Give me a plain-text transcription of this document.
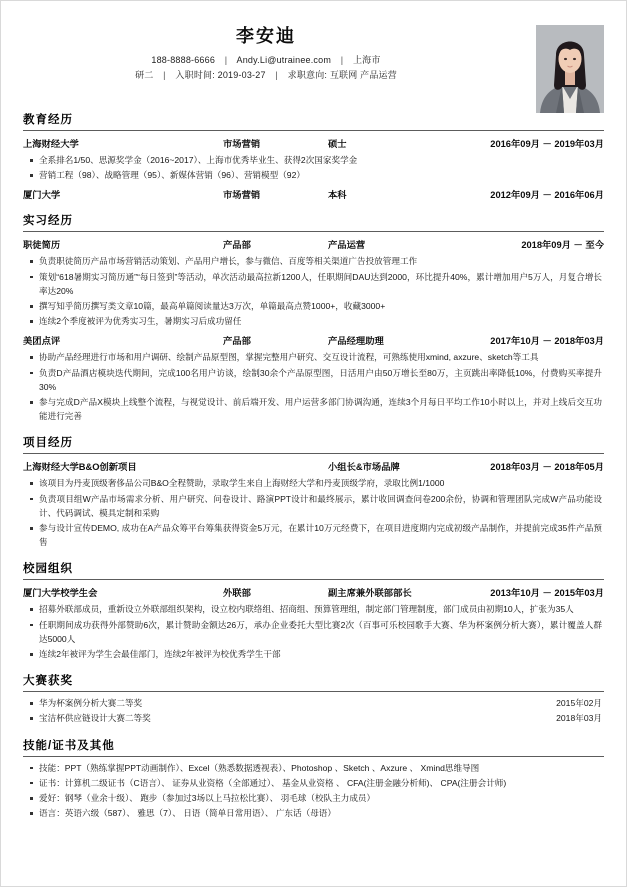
李安迪
188-8888-6666 | Andy.Li@utrainee.com | 上海市
研二 | 入职时间: 2019-03-27 | 求职意向: 互联网 产品运营
教育经历
上海财经大学	市场营销	硕士	2016年09月 － 2019年03月
全系排名1/50、思源奖学金（2016~2017）、上海市优秀毕业生、获得2次国家奖学金
营销工程（98）、战略管理（95）、新媒体营销（96）、营销模型（92）
厦门大学	市场营销	本科	2012年09月 － 2016年06月
实习经历
职徒简历	产品部	产品运营	2018年09月 － 至今
负责职徒简历产品市场营销活动策划、产品用户增长，参与微信、百度等相关渠道广告投放管理工作
策划“618暑期实习简历通”“每日签到”等活动，单次活动最高拉新1200人，任职期间DAU达到2000，环比提升40%，累计增加用户5万人，月复合增长率达20%
撰写知乎简历撰写类文章10篇，最高单篇阅读量达3万次，单篇最高点赞1000+，收藏3000+
连续2个季度被评为优秀实习生，暑期实习后成功留任
美团点评	产品部	产品经理助理	2017年10月 － 2018年03月
协助产品经理进行市场和用户调研、绘制产品原型图，掌握完整用户研究、交互设计流程，可熟练使用xmind, axzure、sketch等工具
负责D产品酒店模块迭代期间，完成100名用户访谈，绘制30余个产品原型图，日活用户由50万增长至80万，主页跳出率降低10%，付费购买率提升30%
参与完成D产品X模块上线整个流程，与视觉设计、前后端开发、用户运营多部门协调沟通，连续3个月每日平均工作10小时以上，并对上线后交互功能进行完善
项目经历
上海财经大学B&O创新项目	小组长&市场品牌	2018年03月 － 2018年05月
该项目为丹麦顶级奢侈品公司B&O全程赞助，录取学生来自上海财经大学和丹麦顶级学府，录取比例1/1000
负责项目组W产品市场需求分析、用户研究、问卷设计、路演PPT设计和最终展示，累计收回调查问卷200余份，协调和管理团队完成W产品功能设计、代码调试、模具定制和采购
参与设计宣传DEMO, 成功在A产品众筹平台筹集获得资金5万元，在累计10万元经费下，在项目进度期内完成初级产品制作，并提前完成35件产品预售
校园组织
厦门大学校学生会	外联部	副主席兼外联部部长	2013年10月 － 2015年03月
招募外联部成员，重新设立外联部组织架构，设立校内联络组、招商组、预算管理组，制定部门管理制度，部门成员由初期10人，扩张为35人
任职期间成功获得外部赞助6次，累计赞助金额达26万，承办企业委托大型比赛2次（百事可乐校园歌手大赛、华为杯案例分析大赛），累计覆盖人群达5000人
连续2年被评为学生会最佳部门，连续2年被评为校优秀学生干部
大赛获奖
华为杯案例分析大赛二等奖	2015年02月
宝洁杯供应链设计大赛二等奖	2018年03月
技能/证书及其他
技能：PPT（熟练掌握PPT动画制作）、Excel（熟悉数据透视表）、Photoshop 、Sketch 、Axzure 、 Xmind思维导图
证书：计算机二级证书（C语言）、 证券从业资格（全部通过）、 基金从业资格 、 CFA(注册金融分析师)、 CPA(注册会计师)
爱好：钢琴（业余十级）、 跑步（参加过3场以上马拉松比赛）、 羽毛球（校队主力成员）
语言：英语六级（587）、 雅思（7）、 日语（简单日常用语）、 广东话（母语）
